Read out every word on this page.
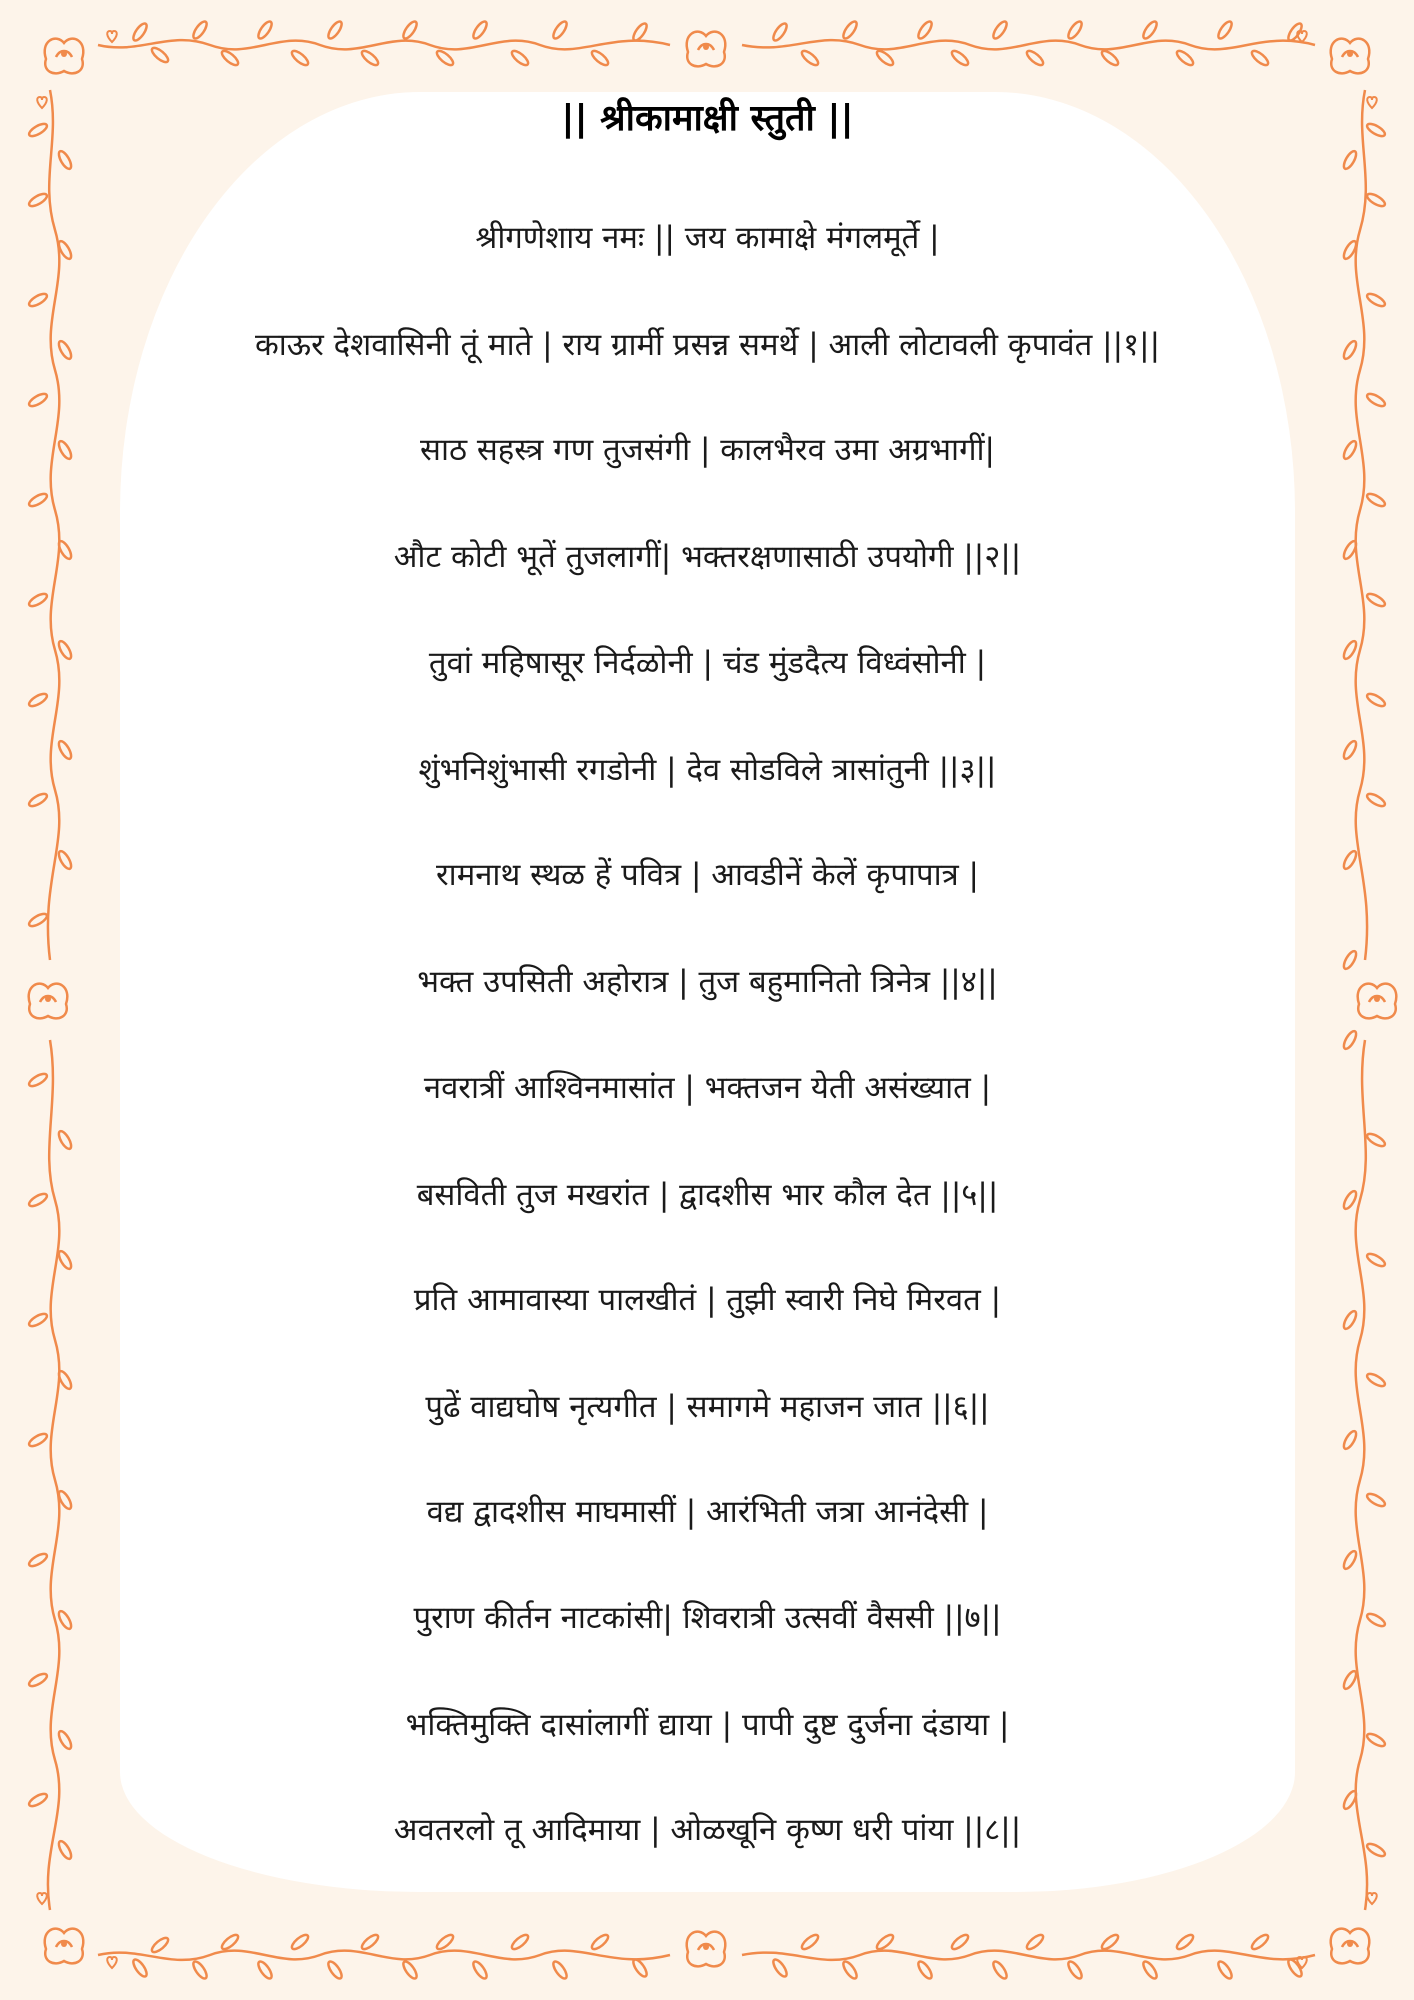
|| श्रीकामाक्षी स्तुती ||
श्रीगणेशाय नमः || जय कामाक्षे मंगलमूर्ते |
काऊर देशवासिनी तूं माते | राय ग्रार्मी प्रसन्न समर्थे | आली लोटावली कृपावंत ||१||
साठ सहस्त्र गण तुजसंगी | कालभैरव उमा अग्रभागीं|
औट कोटी भूतें तुजलागीं| भक्तरक्षणासाठी उपयोगी ||२||
तुवां महिषासूर निर्दळोनी | चंड मुंडदैत्य विध्वंसोनी |
शुंभनिशुंभासी रगडोनी | देव सोडविले त्रासांतुनी ||३||
रामनाथ स्थळ हें पवित्र | आवडीनें केलें कृपापात्र |
भक्त उपसिती अहोरात्र | तुज बहुमानितो त्रिनेत्र ||४||
नवरात्रीं आश्विनमासांत | भक्तजन येती असंख्यात |
बसविती तुज मखरांत | द्वादशीस भार कौल देत ||५||
प्रति आमावास्या पालखीतं | तुझी स्वारी निघे मिरवत |
पुढें वाद्यघोष नृत्यगीत | समागमे महाजन जात ||६||
वद्य द्वादशीस माघमासीं | आरंभिती जत्रा आनंदेसी |
पुराण कीर्तन नाटकांसी| शिवरात्री उत्सवीं वैससी ||७||
भक्तिमुक्ति दासांलागीं द्याया | पापी दुष्ट दुर्जना दंडाया |
अवतरलो तू आदिमाया | ओळखूनि कृष्ण धरी पांया ||८||
